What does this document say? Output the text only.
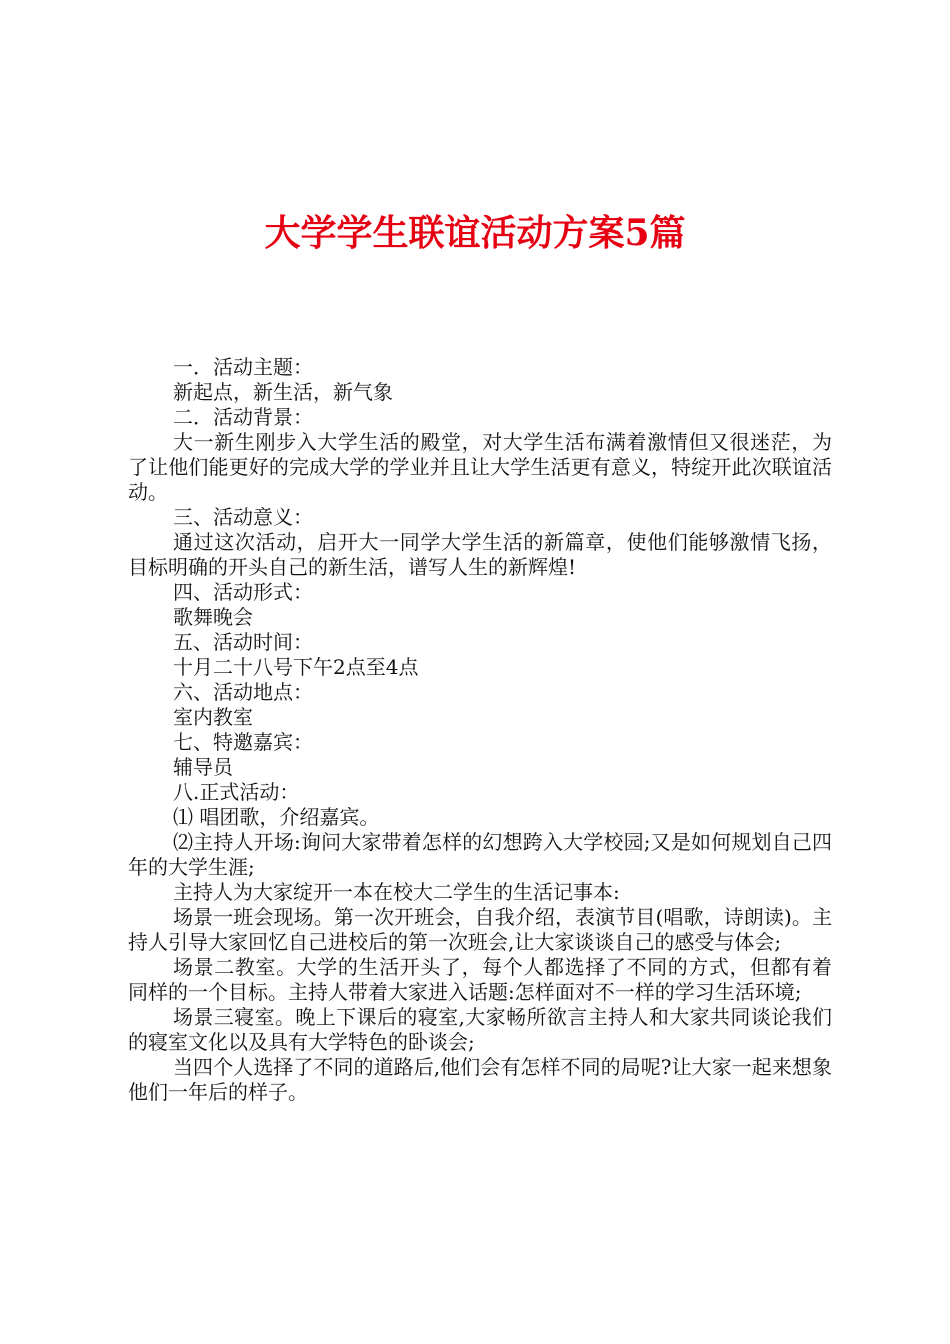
大学学生联谊活动方案5篇

一．活动主题：

新起点，新生活，新气象

二．活动背景：

大一新生刚步入大学生活的殿堂，对大学生活布满着激情但又很迷茫，为了让他们能更好的完成大学的学业并且让大学生活更有意义，特绽开此次联谊活动。

三、活动意义：

通过这次活动，启开大一同学大学生活的新篇章，使他们能够激情飞扬，目标明确的开头自己的新生活，谱写人生的新辉煌!

四、活动形式：

歌舞晚会

五、活动时间：

十月二十八号下午2点至4点

六、活动地点：

室内教室

七、特邀嘉宾：

辅导员

八.正式活动：

⑴ 唱团歌，介绍嘉宾。

⑵主持人开场:询问大家带着怎样的幻想跨入大学校园;又是如何规划自己四年的大学生涯;

主持人为大家绽开一本在校大二学生的生活记事本:

场景一班会现场。第一次开班会，自我介绍，表演节目(唱歌，诗朗读)。主持人引导大家回忆自己进校后的第一次班会,让大家谈谈自己的感受与体会;

场景二教室。大学的生活开头了，每个人都选择了不同的方式，但都有着同样的一个目标。主持人带着大家进入话题:怎样面对不一样的学习生活环境;

场景三寝室。晚上下课后的寝室,大家畅所欲言主持人和大家共同谈论我们的寝室文化以及具有大学特色的卧谈会;

当四个人选择了不同的道路后,他们会有怎样不同的局呢?让大家一起来想象他们一年后的样子。
